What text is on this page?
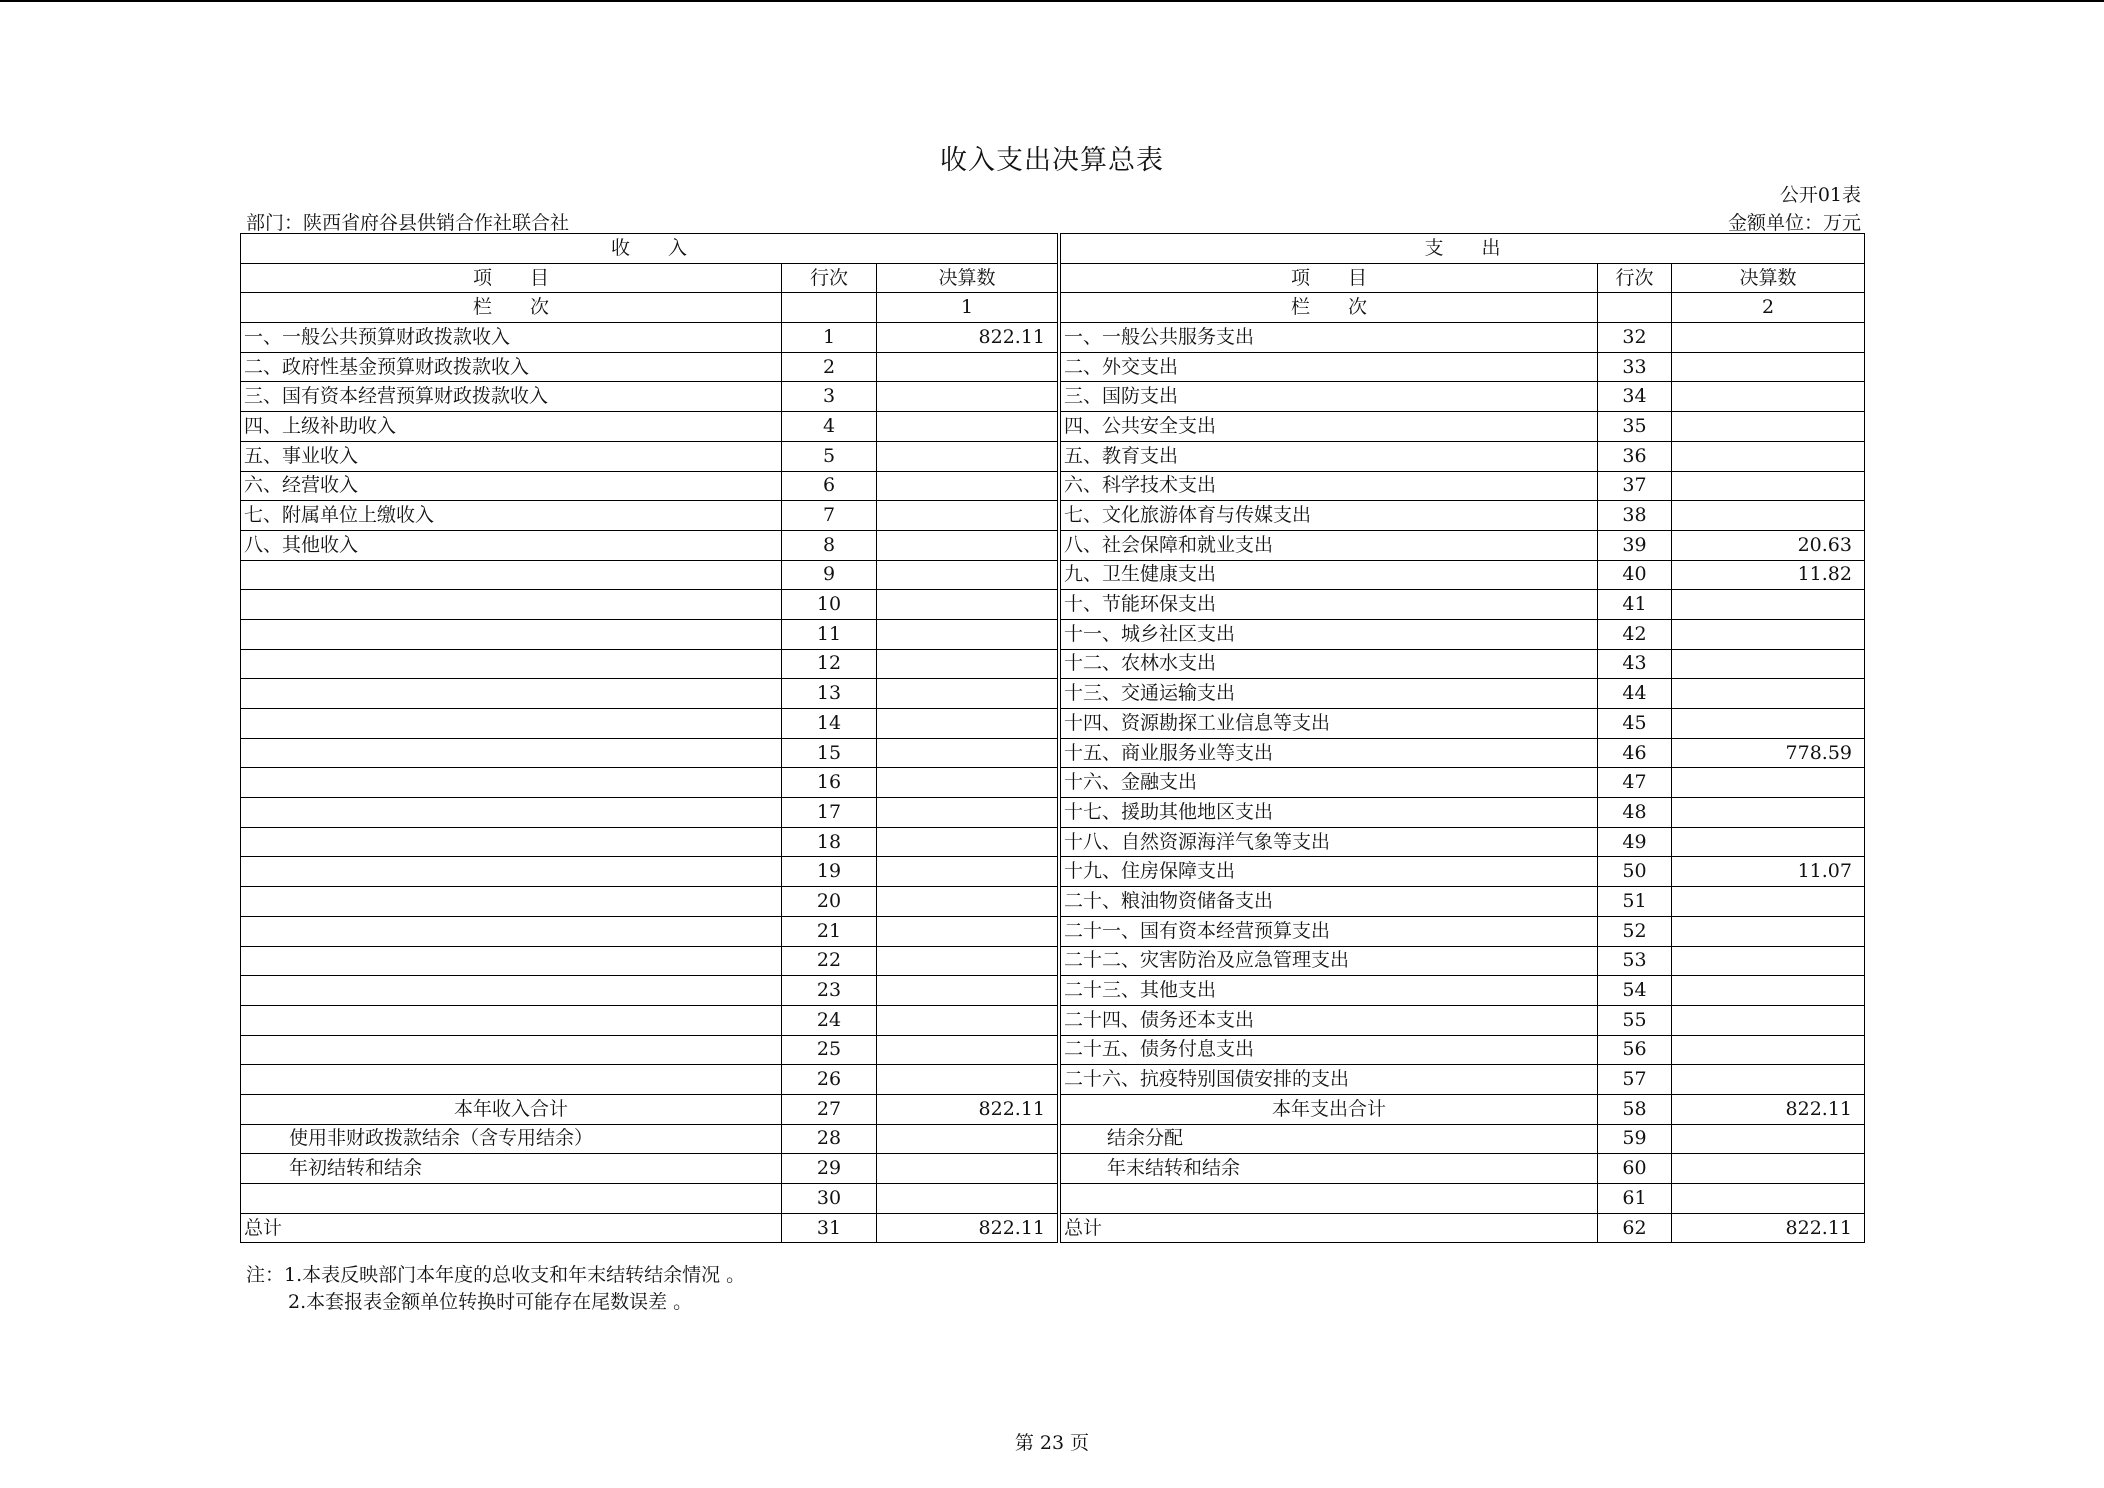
收入支出决算总表
公开01表
部门：陕西省府谷县供销合作社联合社	金额单位：万元
收　　入				支　　出		
项　　目	行次	决算数		项　　目	行次	决算数
栏　　次		1		栏　　次		2
一、一般公共预算财政拨款收入	1	822.11		一、一般公共服务支出	32	
二、政府性基金预算财政拨款收入	2			二、外交支出	33	
三、国有资本经营预算财政拨款收入	3			三、国防支出	34	
四、上级补助收入	4			四、公共安全支出	35	
五、事业收入	5			五、教育支出	36	
六、经营收入	6			六、科学技术支出	37	
七、附属单位上缴收入	7			七、文化旅游体育与传媒支出	38	
八、其他收入	8			八、社会保障和就业支出	39	20.63
	9			九、卫生健康支出	40	11.82
	10			十、节能环保支出	41	
	11			十一、城乡社区支出	42	
	12			十二、农林水支出	43	
	13			十三、交通运输支出	44	
	14			十四、资源勘探工业信息等支出	45	
	15			十五、商业服务业等支出	46	778.59
	16			十六、金融支出	47	
	17			十七、援助其他地区支出	48	
	18			十八、自然资源海洋气象等支出	49	
	19			十九、住房保障支出	50	11.07
	20			二十、粮油物资储备支出	51	
	21			二十一、国有资本经营预算支出	52	
	22			二十二、灾害防治及应急管理支出	53	
	23			二十三、其他支出	54	
	24			二十四、债务还本支出	55	
	25			二十五、债务付息支出	56	
	26			二十六、抗疫特别国债安排的支出	57	
本年收入合计	27	822.11		本年支出合计	58	822.11
使用非财政拨款结余（含专用结余）	28			结余分配	59	
年初结转和结余	29			年末结转和结余	60	
	30				61	
总计	31	822.11		总计	62	822.11
注：1.本表反映部门本年度的总收支和年末结转结余情况 。
2.本套报表金额单位转换时可能存在尾数误差 。
第 23 页
